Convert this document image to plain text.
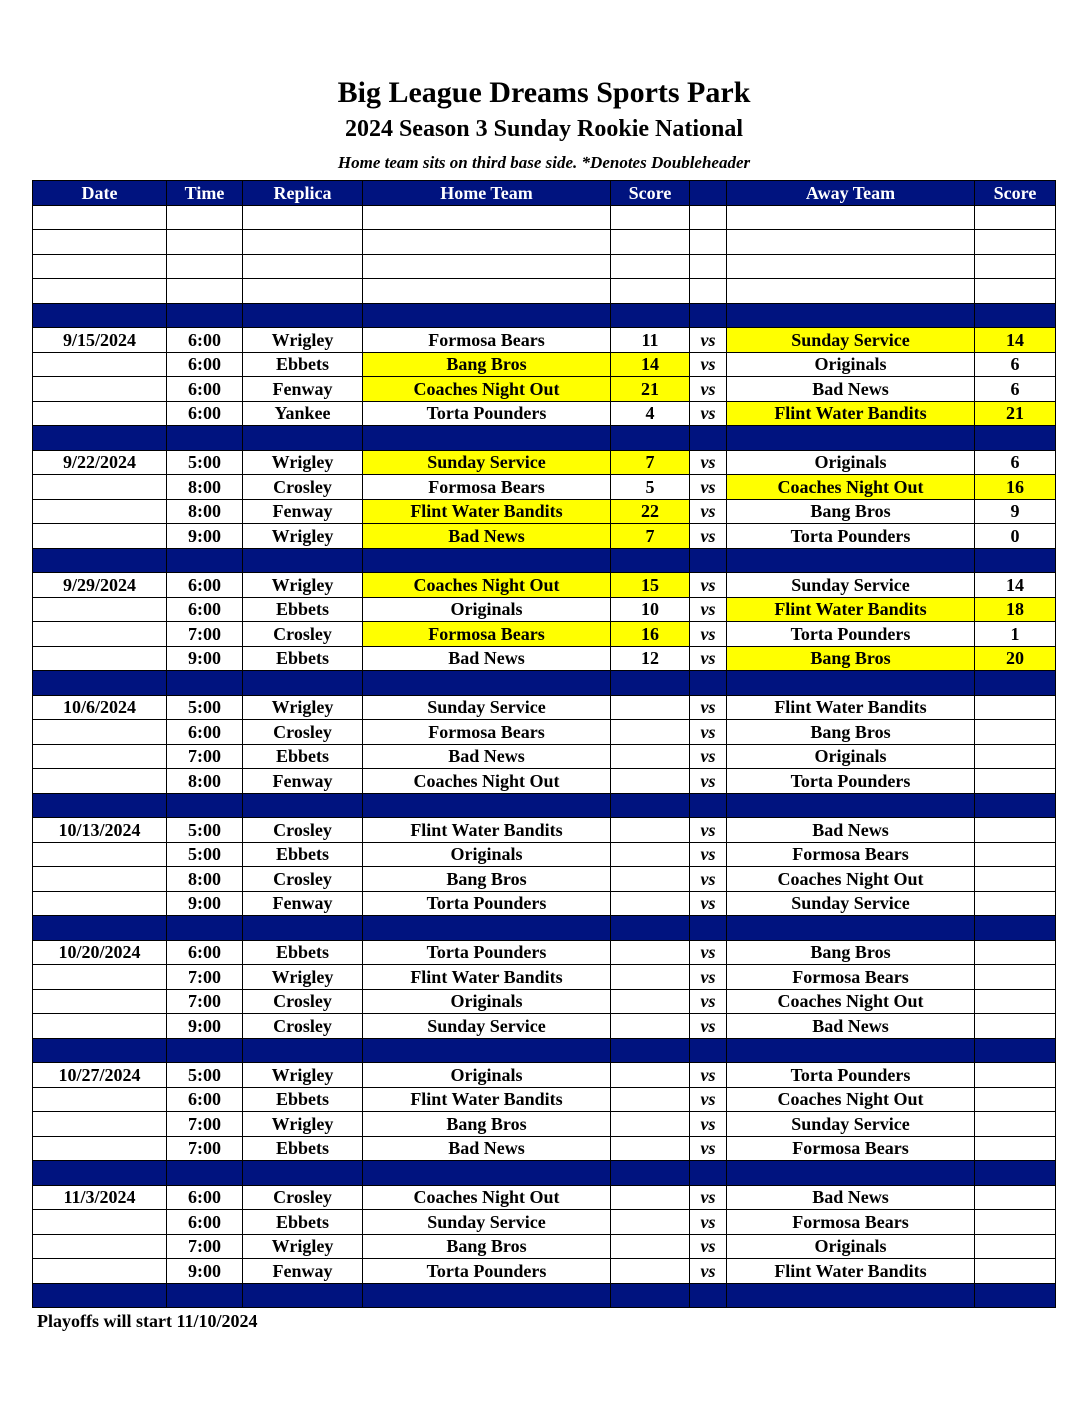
Big League Dreams Sports Park
2024 Season 3 Sunday Rookie National
Home team sits on third base side. *Denotes Doubleheader
Date	Time	Replica	Home Team	Score		Away Team	Score

9/15/2024	6:00	Wrigley	Formosa Bears	11	vs	Sunday Service	14
	6:00	Ebbets	Bang Bros	14	vs	Originals	6
	6:00	Fenway	Coaches Night Out	21	vs	Bad News	6
	6:00	Yankee	Torta Pounders	4	vs	Flint Water Bandits	21

9/22/2024	5:00	Wrigley	Sunday Service	7	vs	Originals	6
	8:00	Crosley	Formosa Bears	5	vs	Coaches Night Out	16
	8:00	Fenway	Flint Water Bandits	22	vs	Bang Bros	9
	9:00	Wrigley	Bad News	7	vs	Torta Pounders	0

9/29/2024	6:00	Wrigley	Coaches Night Out	15	vs	Sunday Service	14
	6:00	Ebbets	Originals	10	vs	Flint Water Bandits	18
	7:00	Crosley	Formosa Bears	16	vs	Torta Pounders	1
	9:00	Ebbets	Bad News	12	vs	Bang Bros	20

10/6/2024	5:00	Wrigley	Sunday Service		vs	Flint Water Bandits	
	6:00	Crosley	Formosa Bears		vs	Bang Bros	
	7:00	Ebbets	Bad News		vs	Originals	
	8:00	Fenway	Coaches Night Out		vs	Torta Pounders	

10/13/2024	5:00	Crosley	Flint Water Bandits		vs	Bad News	
	5:00	Ebbets	Originals		vs	Formosa Bears	
	8:00	Crosley	Bang Bros		vs	Coaches Night Out	
	9:00	Fenway	Torta Pounders		vs	Sunday Service	

10/20/2024	6:00	Ebbets	Torta Pounders		vs	Bang Bros	
	7:00	Wrigley	Flint Water Bandits		vs	Formosa Bears	
	7:00	Crosley	Originals		vs	Coaches Night Out	
	9:00	Crosley	Sunday Service		vs	Bad News	

10/27/2024	5:00	Wrigley	Originals		vs	Torta Pounders	
	6:00	Ebbets	Flint Water Bandits		vs	Coaches Night Out	
	7:00	Wrigley	Bang Bros		vs	Sunday Service	
	7:00	Ebbets	Bad News		vs	Formosa Bears	

11/3/2024	6:00	Crosley	Coaches Night Out		vs	Bad News	
	6:00	Ebbets	Sunday Service		vs	Formosa Bears	
	7:00	Wrigley	Bang Bros		vs	Originals	
	9:00	Fenway	Torta Pounders		vs	Flint Water Bandits	

Playoffs will start 11/10/2024
